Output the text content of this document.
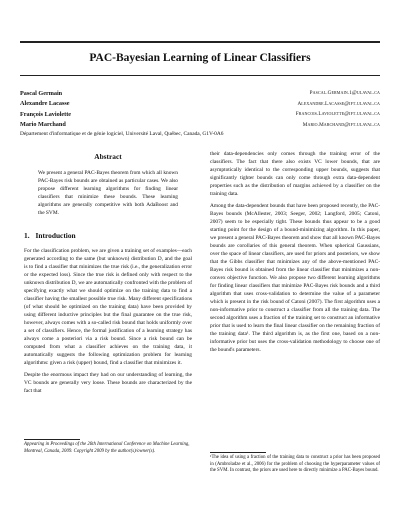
PAC-Bayesian Learning of Linear Classifiers
Pascal Germain	Pascal.Germain.1@ulaval.ca
Alexandre Lacasse	Alexandre.Lacasse@ift.ulaval.ca
François Laviolette	Francois.Laviolette@ift.ulaval.ca
Mario Marchand	Mario.Marchand@ift.ulaval.ca
Département d'informatique et de génie logiciel, Université Laval, Québec, Canada, G1V-0A6
Abstract
We present a general PAC-Bayes theorem from which all known PAC-Bayes risk bounds are obtained as particular cases. We also propose different learning algorithms for finding linear classifiers that minimize these bounds. These learning algorithms are generally competitive with both AdaBoost and the SVM.
1. Introduction

For the classification problem, we are given a training set of examples—each generated according to the same (but unknown) distribution D, and the goal is to find a classifier that minimizes the true risk (i.e., the generalization error or the expected loss). Since the true risk is defined only with respect to the unknown distribution D, we are automatically confronted with the problem of specifying exactly what we should optimize on the training data to find a classifier having the smallest possible true risk. Many different specifications (of what should be optimized on the training data) have been provided by using different inductive principles but the final guarantee on the true risk, however, always comes with a so-called risk bound that holds uniformly over a set of classifiers. Hence, the formal justification of a learning strategy has always come a posteriori via a risk bound. Since a risk bound can be computed from what a classifier achieves on the training data, it automatically suggests the following optimization problem for learning algorithms: given a risk (upper) bound, find a classifier that minimizes it.

Despite the enormous impact they had on our understanding of learning, the VC bounds are generally very loose. These bounds are characterized by the fact that

Appearing in Proceedings of the 26th International Conference on Machine Learning, Montreal, Canada, 2009. Copyright 2009 by the author(s)/owner(s).

their data-dependencies only comes through the training error of the classifiers. The fact that there also exists VC lower bounds, that are asymptotically identical to the corresponding upper bounds, suggests that significantly tighter bounds can only come through extra data-dependent properties such as the distribution of margins achieved by a classifier on the training data.

Among the data-dependent bounds that have been proposed recently, the PAC-Bayes bounds (McAllester, 2003; Seeger, 2002; Langford, 2005; Catoni, 2007) seem to be especially tight. These bounds thus appear to be a good starting point for the design of a bound-minimizing algorithm. In this paper, we present a general PAC-Bayes theorem and show that all known PAC-Bayes bounds are corollaries of this general theorem. When spherical Gaussians, over the space of linear classifiers, are used for priors and posteriors, we show that the Gibbs classifier that minimizes any of the above-mentioned PAC-Bayes risk bound is obtained from the linear classifier that minimizes a non-convex objective function. We also propose two different learning algorithms for finding linear classifiers that minimize PAC-Bayes risk bounds and a third algorithm that uses cross-validation to determine the value of a parameter which is present in the risk bound of Catoni (2007). The first algorithm uses a non-informative prior to construct a classifier from all the training data. The second algorithm uses a fraction of the training set to construct an informative prior that is used to learn the final linear classifier on the remaining fraction of the training data¹. The third algorithm is, as the first one, based on a non-informative prior but uses the cross-validation methodology to choose one of the bound's parameters.

¹The idea of using a fraction of the training data to construct a prior has been proposed in (Ambroladze et al., 2006) for the problem of choosing the hyperparameter values of the SVM. In contrast, the priors are used here to directly minimize a PAC-Bayes bound.
